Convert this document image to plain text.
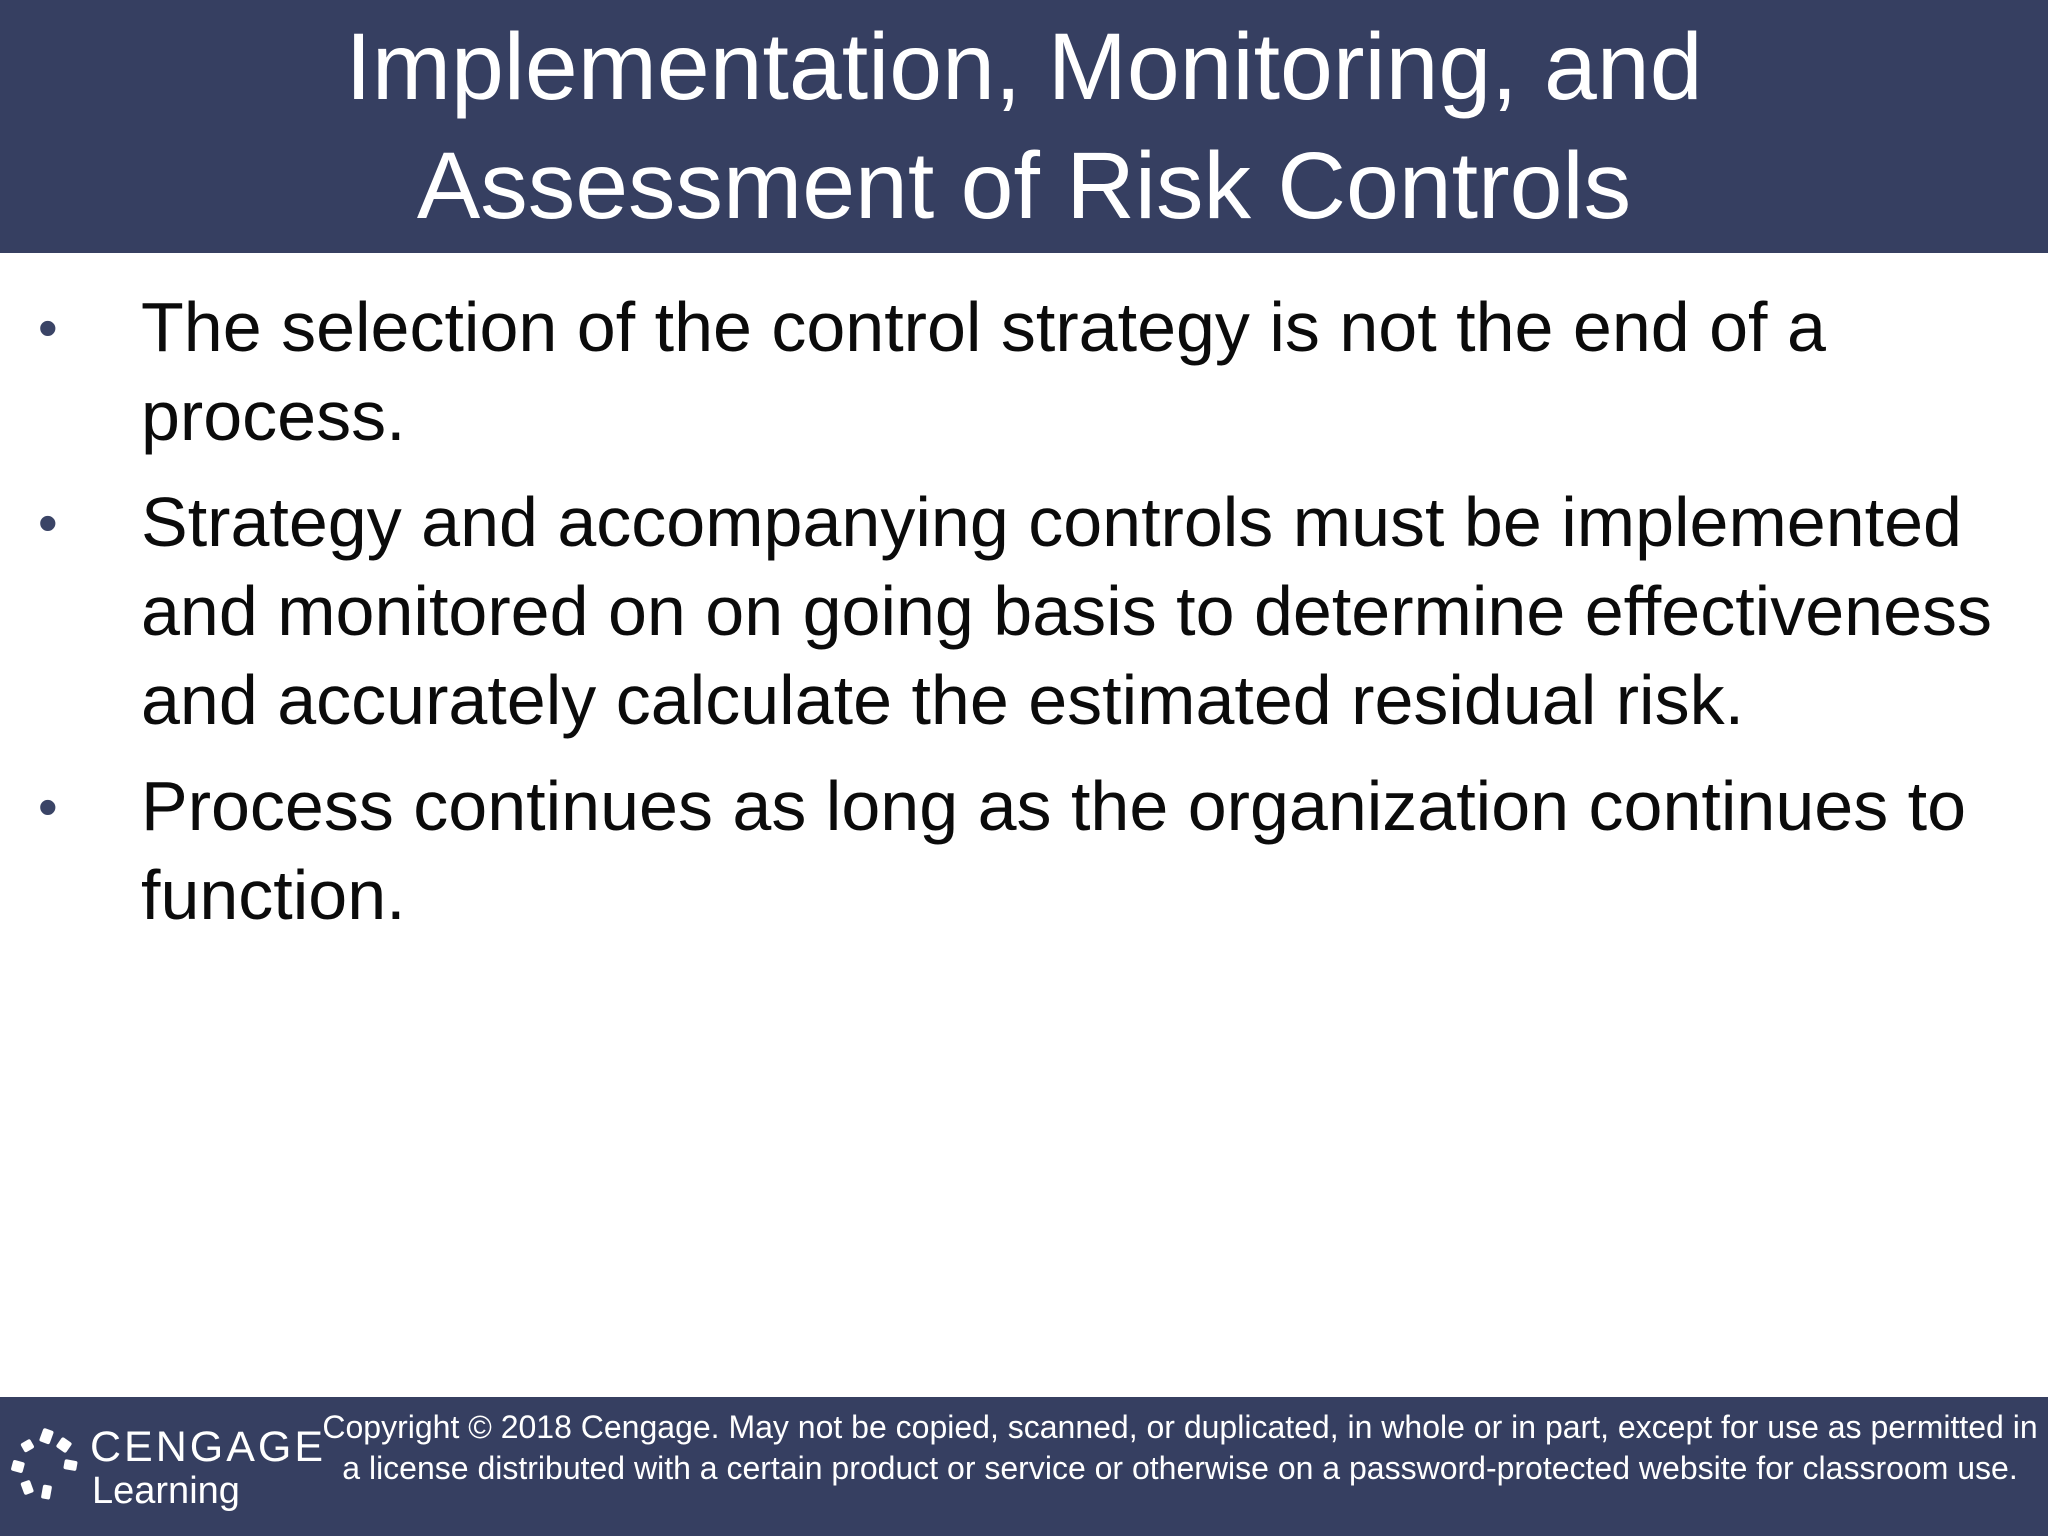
Implementation, Monitoring, and
Assessment of Risk Controls
• The selection of the control strategy is not the end of a process.
• Strategy and accompanying controls must be implemented and monitored on on going basis to determine effectiveness and accurately calculate the estimated residual risk.
• Process continues as long as the organization continues to function.
CENGAGE
Learning

Copyright © 2018 Cengage. May not be copied, scanned, or duplicated, in whole or in part, except for use as permitted in a license distributed with a certain product or service or otherwise on a password-protected website for classroom use.
